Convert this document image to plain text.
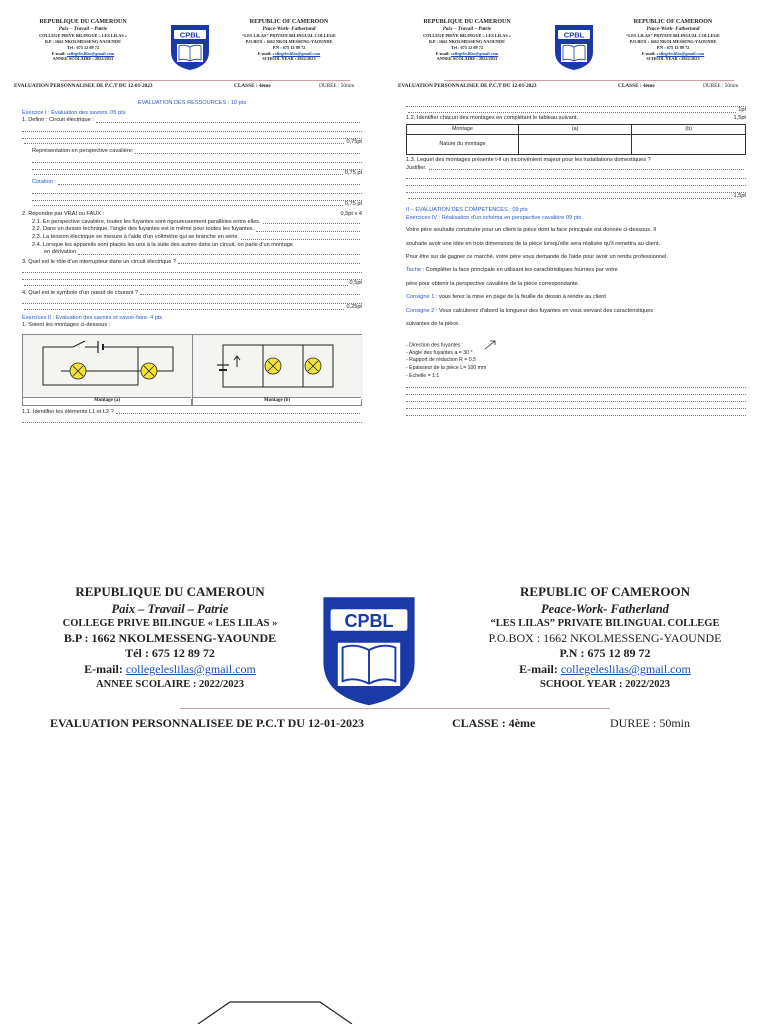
REPUBLIQUE DU CAMEROUN
Paix – Travail – Patrie
COLLEGE PRIVE BILINGUE « LES LILAS »
B.P : 1662 NKOLMESSENG-YAOUNDE
Tél : 675 12 89 72
E-mail: collegeleslilas@gmail.com
ANNEE SCOLAIRE : 2022/2023
CPBL
REPUBLIC OF CAMEROON
Peace-Work- Fatherland
“LES LILAS” PRIVATE BILINGUAL COLLEGE
P.O.BOX : 1662 NKOLMESSENG-YAOUNDE
P.N : 675 12 89 72
E-mail: collegeleslilas@gmail.com
SCHOOL YEAR : 2022/2023
EVALUATION PERSONNALISEE DE P.C.T DU 12-01-2023	CLASSE : 4ème	DUREE : 50min
EVALUATION DES RESSOURCES : 10 pts
Exercice I : Evaluation des savoirs. 05 pts
1. Definir : Circuit électrique :
0,75pt
Représentation en perspective cavalière:
0,75 pt
Cotation :
0,75 pt
2. Répondre par VRAI ou FAUX :	0,5pt x 4
2.1. En perspective cavalière, toutes les fuyantes sont rigoureusement parallèles entre elles.
2.2. Dans un dessin technique, l'angle des fuyantes est le même pour toutes les fuyantes.
2.3. La tension électrique se mesure à l'aide d'un voltmètre qui se branche en série.
2.4. Lorsque les appareils sont placés les uns à la suite des autres dans un circuit, on parle d'un montage
en dérivation
3. Quel est le rôle d'un interrupteur dans un circuit électrique ?
0,5pt
4. Quel est le symbole d'un nœud de courant ?
0,25pt
Exercices II : Evaluation des savoirs et savoir-faire. 4 pts
1. Soient les montages ci-dessous :
Montage (a)	Montage (b)
1.1. Identifier les éléments L1 et L2 ?
REPUBLIQUE DU CAMEROUN
Paix – Travail – Patrie
COLLEGE PRIVE BILINGUE « LES LILAS »
B.P : 1662 NKOLMESSENG-YAOUNDE
Tél : 675 12 89 72
E-mail: collegeleslilas@gmail.com
ANNEE SCOLAIRE : 2022/2023
CPBL
REPUBLIC OF CAMEROON
Peace-Work- Fatherland
“LES LILAS” PRIVATE BILINGUAL COLLEGE
P.O.BOX : 1662 NKOLMESSENG-YAOUNDE
P.N : 675 12 89 72
E-mail: collegeleslilas@gmail.com
SCHOOL YEAR : 2022/2023
EVALUATION PERSONNALISEE DE P.C.T DU 12-01-2023	CLASSE : 4ème	DUREE : 50min
1pt
1.2. Identifier chacun des montages en complétant le tableau suivant.	1,5pt
Montage	(a)	(b)
Nature du montage		
1.3. Lequel des montages présente t-il un inconvénient majeur pour les installations domestiques ?
Justifier.
1,5pt
II – EVALUATION DES COMPETENCES : 09 pts
Exercices IV : Réalisation d'un schéma en perspective cavalière 09 pts
Votre père souhaite construire pour un client la pièce dont la face principale est donnée ci-dessous. Il
souhaite avoir une idée en trois dimensions de la pièce lorsqu'elle sera réalisée qu'il remettra au client.
Pour être sur de gagner ce marché, votre père vous demande de l'aide pour avoir un rendu professionnel.
Tache : Compléter la face principale en utilisant les caractéristiques fournies par votre
père pour obtenir la perspective cavalière de la pièce correspondante.
Consigne 1 : vous ferez la mise en page de la feuille de dessin à rendre au client
Consigne 2 : Vous calculerez d'abord la longueur des fuyantes en vous servant des caractéristiques
suivantes de la pièce.
- Direction des fuyantes :
- Angle des fuyantes a = 30 °
- Rapport de réduction R = 0.5
- Epaisseur de la pièce L= 100 mm
- Echelle = 1:1
REPUBLIQUE DU CAMEROUN
Paix – Travail – Patrie
COLLEGE PRIVE BILINGUE « LES LILAS »
B.P : 1662 NKOLMESSENG-YAOUNDE
Tél : 675 12 89 72
E-mail: collegeleslilas@gmail.com
ANNEE SCOLAIRE : 2022/2023
CPBL
REPUBLIC OF CAMEROON
Peace-Work- Fatherland
“LES LILAS” PRIVATE BILINGUAL COLLEGE
P.O.BOX : 1662 NKOLMESSENG-YAOUNDE
P.N : 675 12 89 72
E-mail: collegeleslilas@gmail.com
SCHOOL YEAR : 2022/2023
EVALUATION PERSONNALISEE DE P.C.T DU 12-01-2023	CLASSE : 4ème	DUREE : 50min
